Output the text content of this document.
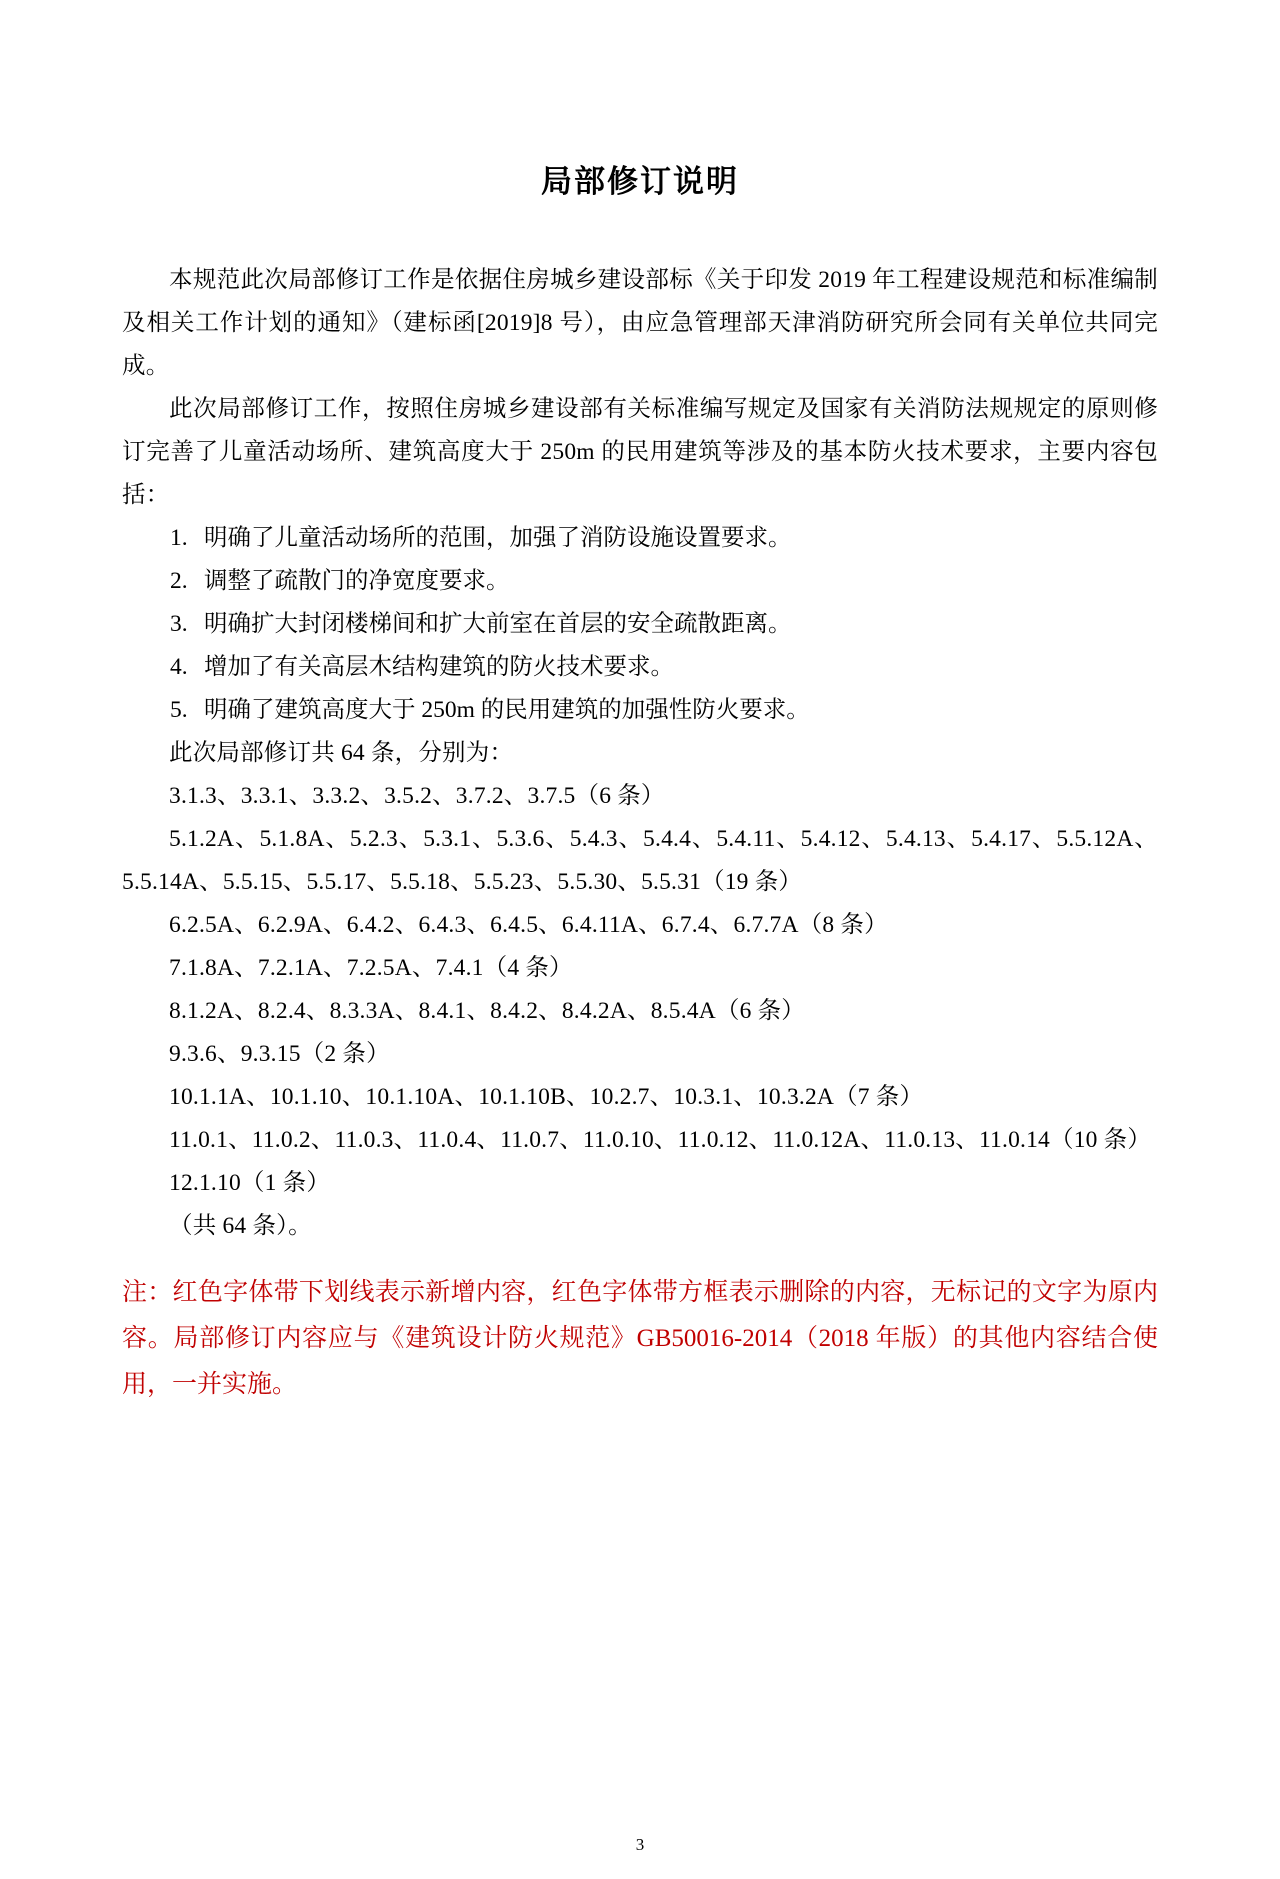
局部修订说明

本规范此次局部修订工作是依据住房城乡建设部标《关于印发 2019 年工程建设规范和标准编制及相关工作计划的通知》（建标函[2019]8 号），由应急管理部天津消防研究所会同有关单位共同完成。

此次局部修订工作，按照住房城乡建设部有关标准编写规定及国家有关消防法规规定的原则修订完善了儿童活动场所、建筑高度大于 250m 的民用建筑等涉及的基本防火技术要求，主要内容包括：

1. 明确了儿童活动场所的范围，加强了消防设施设置要求。
2. 调整了疏散门的净宽度要求。
3. 明确扩大封闭楼梯间和扩大前室在首层的安全疏散距离。
4. 增加了有关高层木结构建筑的防火技术要求。
5. 明确了建筑高度大于 250m 的民用建筑的加强性防火要求。

此次局部修订共 64 条，分别为：

3.1.3、3.3.1、3.3.2、3.5.2、3.7.2、3.7.5（6 条）

5.1.2A、5.1.8A、5.2.3、5.3.1、5.3.6、5.4.3、5.4.4、5.4.11、5.4.12、5.4.13、5.4.17、5.5.12A、5.5.14A、5.5.15、5.5.17、5.5.18、5.5.23、5.5.30、5.5.31（19 条）

6.2.5A、6.2.9A、6.4.2、6.4.3、6.4.5、6.4.11A、6.7.4、6.7.7A（8 条）

7.1.8A、7.2.1A、7.2.5A、7.4.1（4 条）

8.1.2A、8.2.4、8.3.3A、8.4.1、8.4.2、8.4.2A、8.5.4A（6 条）

9.3.6、9.3.15（2 条）

10.1.1A、10.1.10、10.1.10A、10.1.10B、10.2.7、10.3.1、10.3.2A（7 条）

11.0.1、11.0.2、11.0.3、11.0.4、11.0.7、11.0.10、11.0.12、11.0.12A、11.0.13、11.0.14（10 条）

12.1.10（1 条）

（共 64 条）。

注：红色字体带下划线表示新增内容，红色字体带方框表示删除的内容，无标记的文字为原内容。局部修订内容应与《建筑设计防火规范》GB50016-2014（2018 年版）的其他内容结合使用，一并实施。

3
